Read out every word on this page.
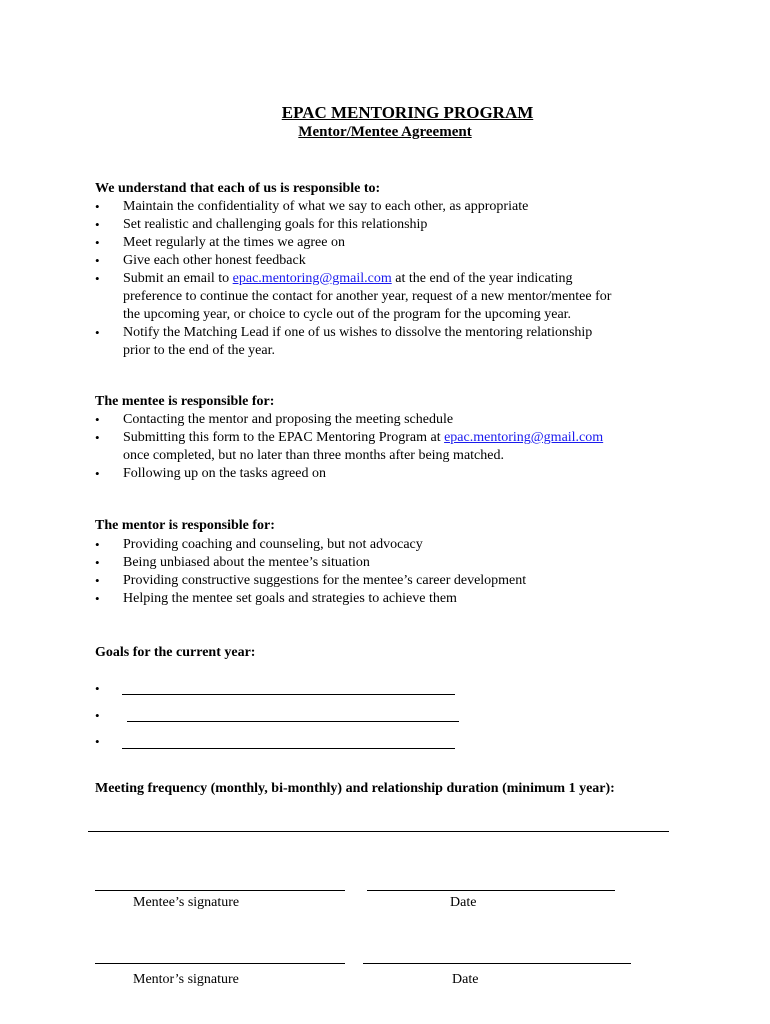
EPAC MENTORING PROGRAM
Mentor/Mentee Agreement
We understand that each of us is responsible to:
• Maintain the confidentiality of what we say to each other, as appropriate
• Set realistic and challenging goals for this relationship
• Meet regularly at the times we agree on
• Give each other honest feedback
• Submit an email to epac.mentoring@gmail.com at the end of the year indicating
preference to continue the contact for another year, request of a new mentor/mentee for
the upcoming year, or choice to cycle out of the program for the upcoming year.
• Notify the Matching Lead if one of us wishes to dissolve the mentoring relationship
prior to the end of the year.
The mentee is responsible for:
• Contacting the mentor and proposing the meeting schedule
• Submitting this form to the EPAC Mentoring Program at epac.mentoring@gmail.com
once completed, but no later than three months after being matched.
• Following up on the tasks agreed on
The mentor is responsible for:
• Providing coaching and counseling, but not advocacy
• Being unbiased about the mentee’s situation
• Providing constructive suggestions for the mentee’s career development
• Helping the mentee set goals and strategies to achieve them
Goals for the current year:
•
•
•
Meeting frequency (monthly, bi-monthly) and relationship duration (minimum 1 year):
Mentee’s signature	Date
Mentor’s signature	Date
